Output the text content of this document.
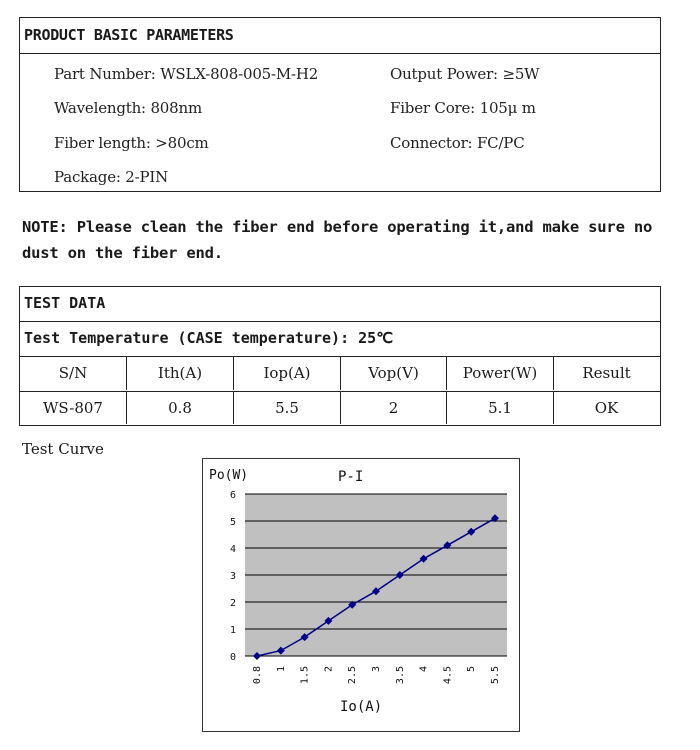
PRODUCT BASIC PARAMETERS
Part Number: WSLX-808-005-M-H2	Output Power: ≥5W
Wavelength: 808nm	Fiber Core: 105μ m
Fiber length: >80cm	Connector: FC/PC
Package: 2-PIN
NOTE: Please clean the fiber end before operating it,and make sure no dust on the fiber end.
TEST DATA
Test Temperature (CASE temperature): 25℃
S/N	Ith(A)	Iop(A)	Vop(V)	Power(W)	Result
WS-807	0.8	5.5	2	5.1	OK
Test Curve
0
1
2
3
4
5
6
0.8 1 1.5 2 2.5 3 3.5 4 4.5 5 5.5
Po(W)	P-I
Io(A)
